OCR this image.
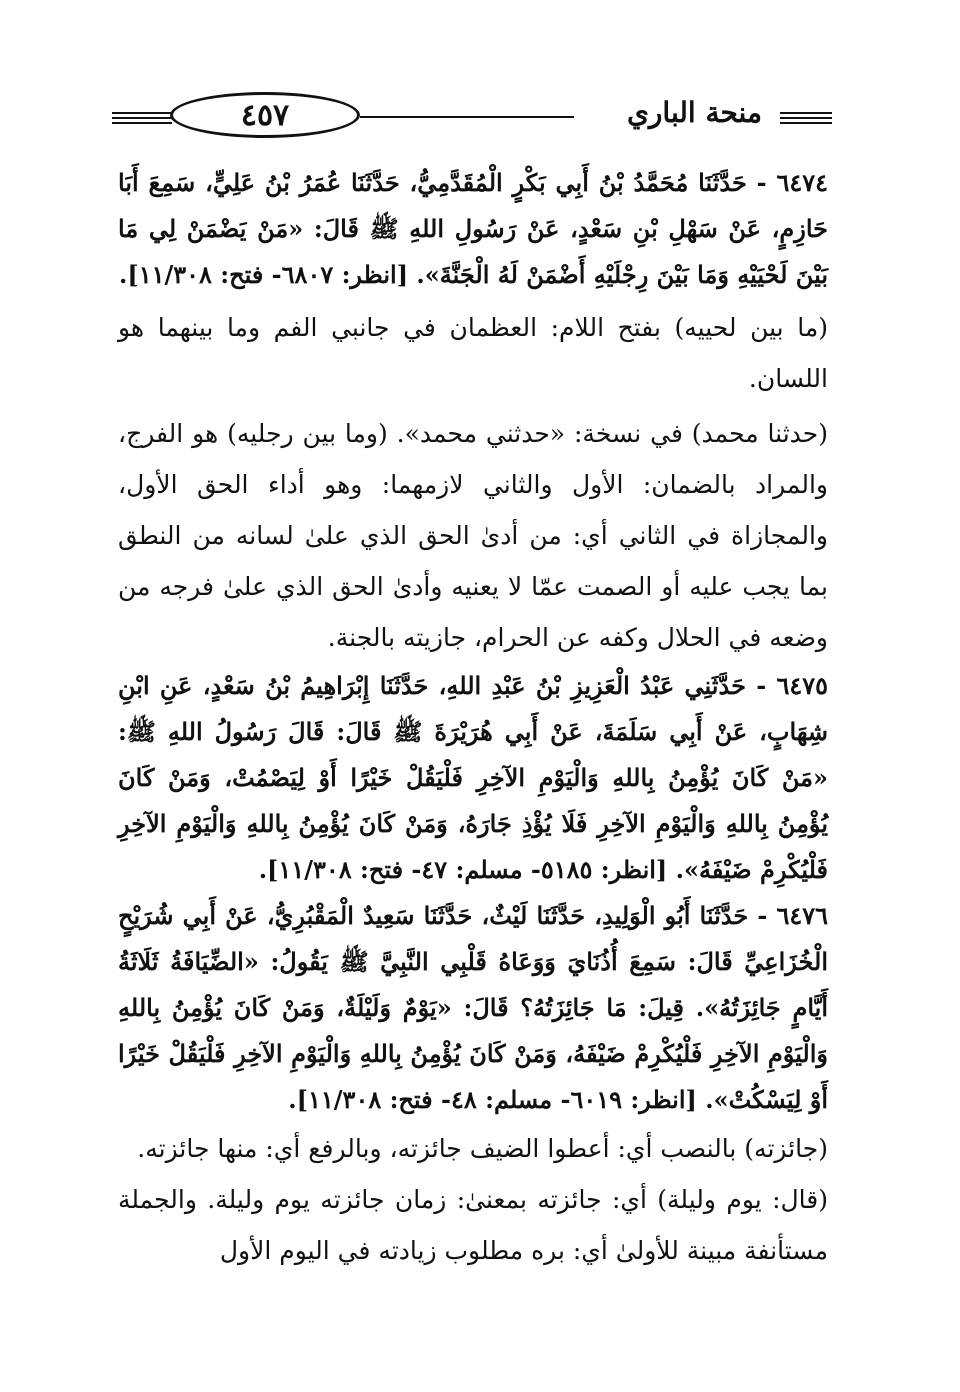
٤٥٧	منحة الباري

٦٤٧٤ - حَدَّثَنَا مُحَمَّدُ بْنُ أَبِي بَكْرٍ الْمُقَدَّمِيُّ، حَدَّثَنَا عُمَرُ بْنُ عَلِيٍّ، سَمِعَ أَبَا حَازِمٍ، عَنْ سَهْلِ بْنِ سَعْدٍ، عَنْ رَسُولِ اللهِ ﷺ قَالَ: «مَنْ يَضْمَنْ لِي مَا بَيْنَ لَحْيَيْهِ وَمَا بَيْنَ رِجْلَيْهِ أَضْمَنْ لَهُ الْجَنَّةَ». [انظر: ٦٨٠٧- فتح: ١١/٣٠٨].

(ما بين لحييه) بفتح اللام: العظمان في جانبي الفم وما بينهما هو اللسان.

(حدثنا محمد) في نسخة: «حدثني محمد». (وما بين رجليه) هو الفرج، والمراد بالضمان: الأول والثاني لازمهما: وهو أداء الحق الأول، والمجازاة في الثاني أي: من أدىٰ الحق الذي علىٰ لسانه من النطق بما يجب عليه أو الصمت عمّا لا يعنيه وأدىٰ الحق الذي علىٰ فرجه من وضعه في الحلال وكفه عن الحرام، جازيته بالجنة.

٦٤٧٥ - حَدَّثَنِي عَبْدُ الْعَزِيزِ بْنُ عَبْدِ اللهِ، حَدَّثَنَا إِبْرَاهِيمُ بْنُ سَعْدٍ، عَنِ ابْنِ شِهَابٍ، عَنْ أَبِي سَلَمَةَ، عَنْ أَبِي هُرَيْرَةَ ﷺ قَالَ: قَالَ رَسُولُ اللهِ ﷺ: «مَنْ كَانَ يُؤْمِنُ بِاللهِ وَالْيَوْمِ الآخِرِ فَلْيَقُلْ خَيْرًا أَوْ لِيَصْمُتْ، وَمَنْ كَانَ يُؤْمِنُ بِاللهِ وَالْيَوْمِ الآخِرِ فَلَا يُؤْذِ جَارَهُ، وَمَنْ كَانَ يُؤْمِنُ بِاللهِ وَالْيَوْمِ الآخِرِ فَلْيُكْرِمْ ضَيْفَهُ». [انظر: ٥١٨٥- مسلم: ٤٧- فتح: ١١/٣٠٨].

٦٤٧٦ - حَدَّثَنَا أَبُو الْوَلِيدِ، حَدَّثَنَا لَيْثٌ، حَدَّثَنَا سَعِيدٌ الْمَقْبُرِيُّ، عَنْ أَبِي شُرَيْحٍ الْخُزَاعِيِّ قَالَ: سَمِعَ أُذُنَايَ وَوَعَاهُ قَلْبِي النَّبِيَّ ﷺ يَقُولُ: «الضِّيَافَةُ ثَلَاثَةُ أَيَّامٍ جَائِزَتُهُ». قِيلَ: مَا جَائِزَتُهُ؟ قَالَ: «يَوْمٌ وَلَيْلَةٌ، وَمَنْ كَانَ يُؤْمِنُ بِاللهِ وَالْيَوْمِ الآخِرِ فَلْيُكْرِمْ ضَيْفَهُ، وَمَنْ كَانَ يُؤْمِنُ بِاللهِ وَالْيَوْمِ الآخِرِ فَلْيَقُلْ خَيْرًا أَوْ لِيَسْكُتْ». [انظر: ٦٠١٩- مسلم: ٤٨- فتح: ١١/٣٠٨].

(جائزته) بالنصب أي: أعطوا الضيف جائزته، وبالرفع أي: منها جائزته.

(قال: يوم وليلة) أي: جائزته بمعنىٰ: زمان جائزته يوم وليلة. والجملة مستأنفة مبينة للأولىٰ أي: بره مطلوب زيادته في اليوم الأول
